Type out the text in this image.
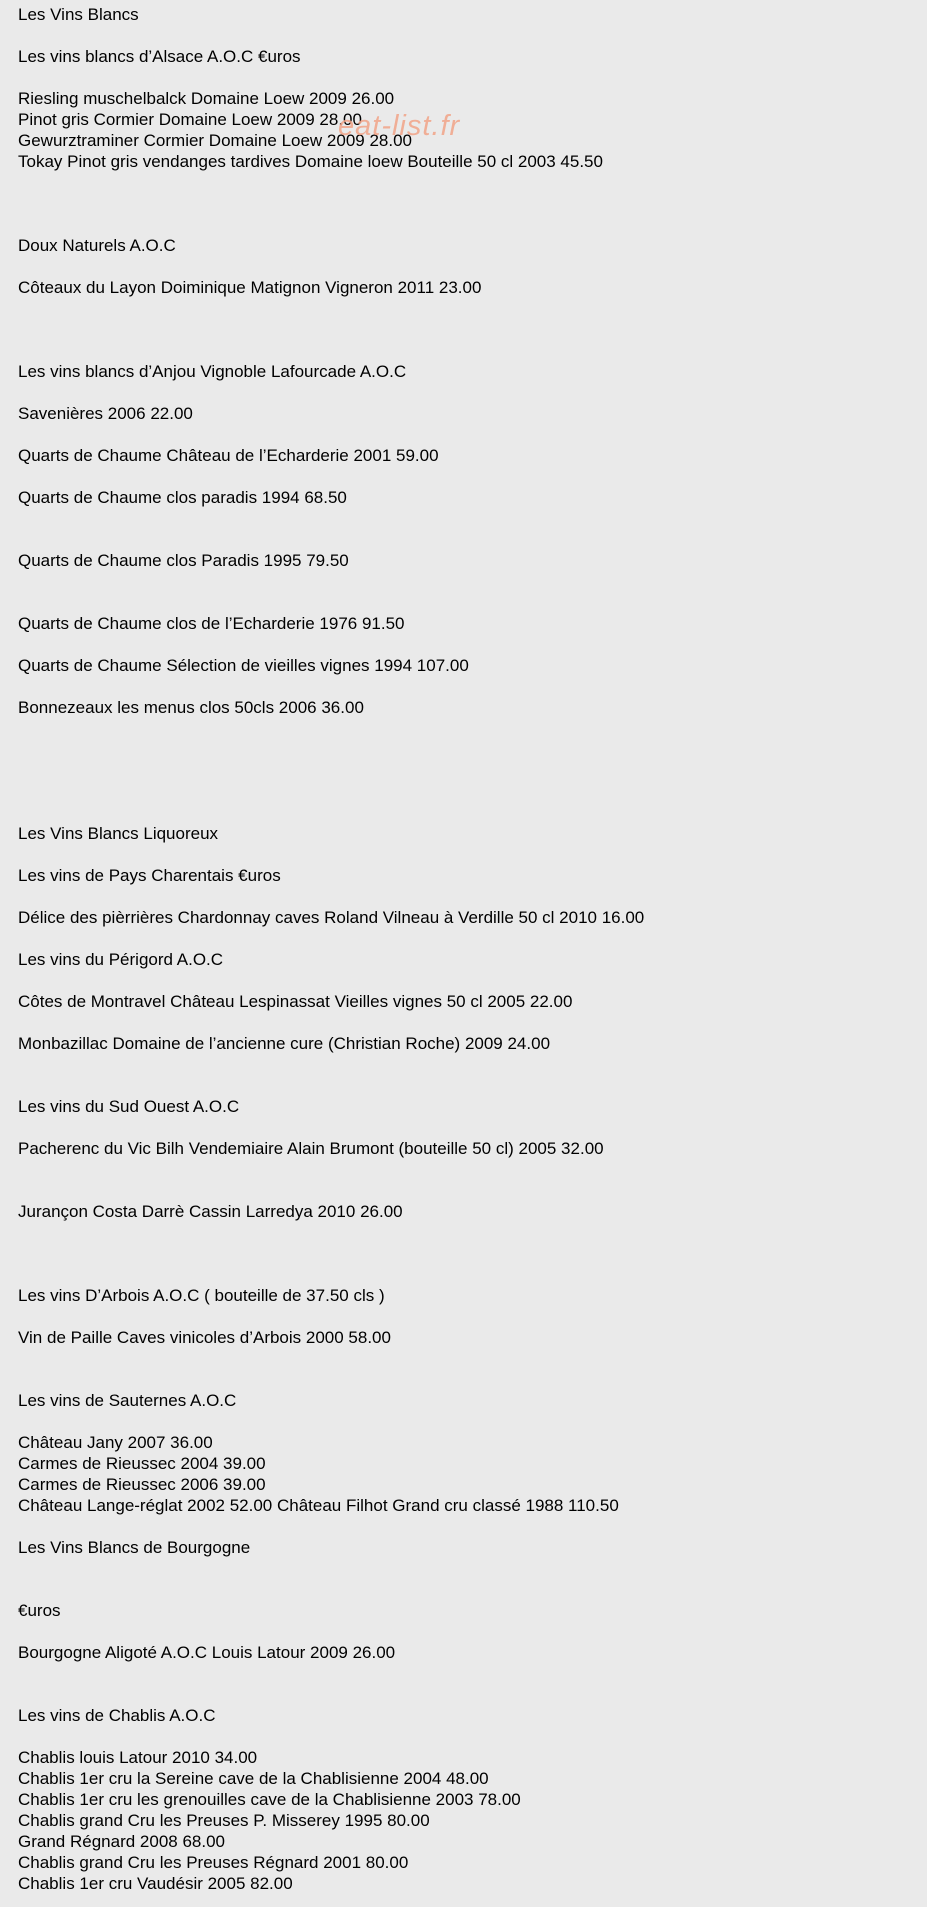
Les Vins Blancs
Les vins blancs d’Alsace A.O.C €uros
Riesling muschelbalck Domaine Loew 2009 26.00
Pinot gris Cormier Domaine Loew 2009 28.00
Gewurztraminer Cormier Domaine Loew 2009 28.00
Tokay Pinot gris vendanges tardives Domaine loew Bouteille 50 cl 2003 45.50
Doux Naturels A.O.C
Côteaux du Layon Doiminique Matignon Vigneron 2011 23.00
Les vins blancs d’Anjou Vignoble Lafourcade A.O.C
Savenières 2006 22.00
Quarts de Chaume Château de l’Echarderie 2001 59.00
Quarts de Chaume clos paradis 1994 68.50
Quarts de Chaume clos Paradis 1995 79.50
Quarts de Chaume clos de l’Echarderie 1976 91.50
Quarts de Chaume Sélection de vieilles vignes 1994 107.00
Bonnezeaux les menus clos 50cls 2006 36.00
Les Vins Blancs Liquoreux
Les vins de Pays Charentais €uros
Délice des pièrrières Chardonnay caves Roland Vilneau à Verdille 50 cl 2010 16.00
Les vins du Périgord A.O.C
Côtes de Montravel Château Lespinassat Vieilles vignes 50 cl 2005 22.00
Monbazillac Domaine de l’ancienne cure (Christian Roche) 2009 24.00
Les vins du Sud Ouest A.O.C
Pacherenc du Vic Bilh Vendemiaire Alain Brumont (bouteille 50 cl) 2005 32.00
Jurançon Costa Darrè Cassin Larredya 2010 26.00
Les vins D’Arbois A.O.C ( bouteille de 37.50 cls )
Vin de Paille Caves vinicoles d’Arbois 2000 58.00
Les vins de Sauternes A.O.C
Château Jany 2007 36.00
Carmes de Rieussec 2004 39.00
Carmes de Rieussec 2006 39.00
Château Lange-réglat 2002 52.00 Château Filhot Grand cru classé 1988 110.50
Les Vins Blancs de Bourgogne
€uros
Bourgogne Aligoté A.O.C Louis Latour 2009 26.00
Les vins de Chablis A.O.C
Chablis louis Latour 2010 34.00
Chablis 1er cru la Sereine cave de la Chablisienne 2004 48.00
Chablis 1er cru les grenouilles cave de la Chablisienne 2003 78.00
Chablis grand Cru les Preuses P. Misserey 1995 80.00
Grand Régnard 2008 68.00
Chablis grand Cru les Preuses Régnard 2001 80.00
Chablis 1er cru Vaudésir 2005 82.00
eat-list.fr
